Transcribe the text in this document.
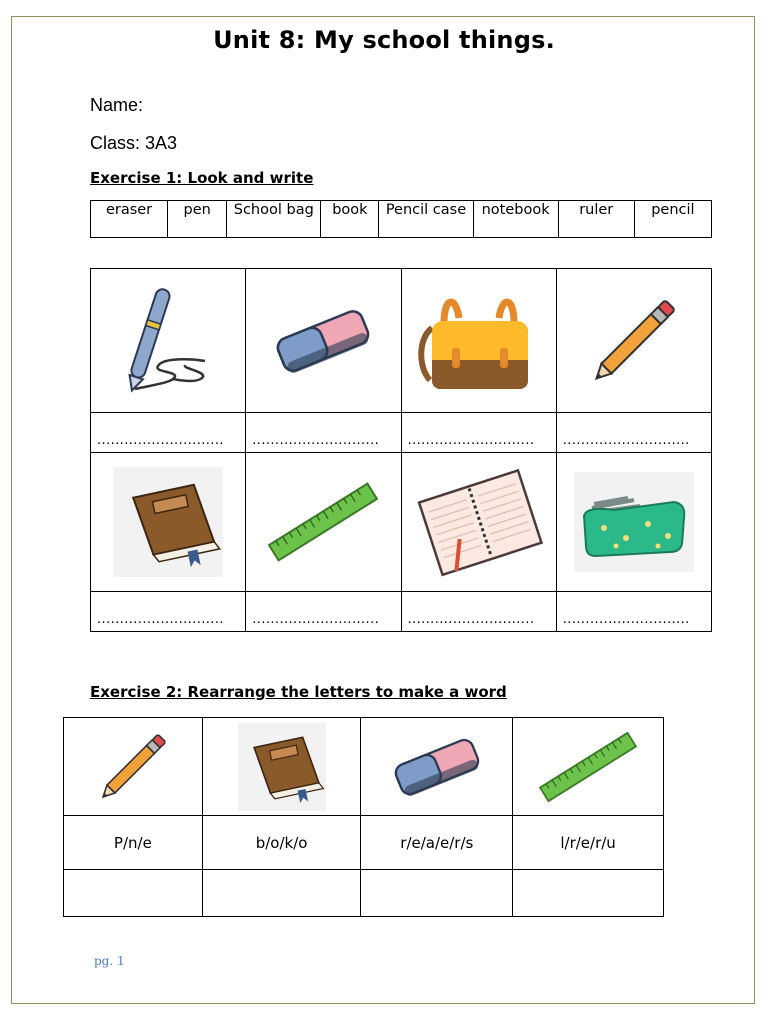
Unit 8: My school things.
Name:
Class: 3A3
Exercise 1: Look and write
eraser	pen	School bag	book	Pencil case	notebook	ruler	pencil

............................	............................	............................	............................

............................	............................	............................	............................
Exercise 2: Rearrange the letters to make a word

P/n/e	b/o/k/o	r/e/a/e/r/s	l/r/e/r/u

pg. 1
